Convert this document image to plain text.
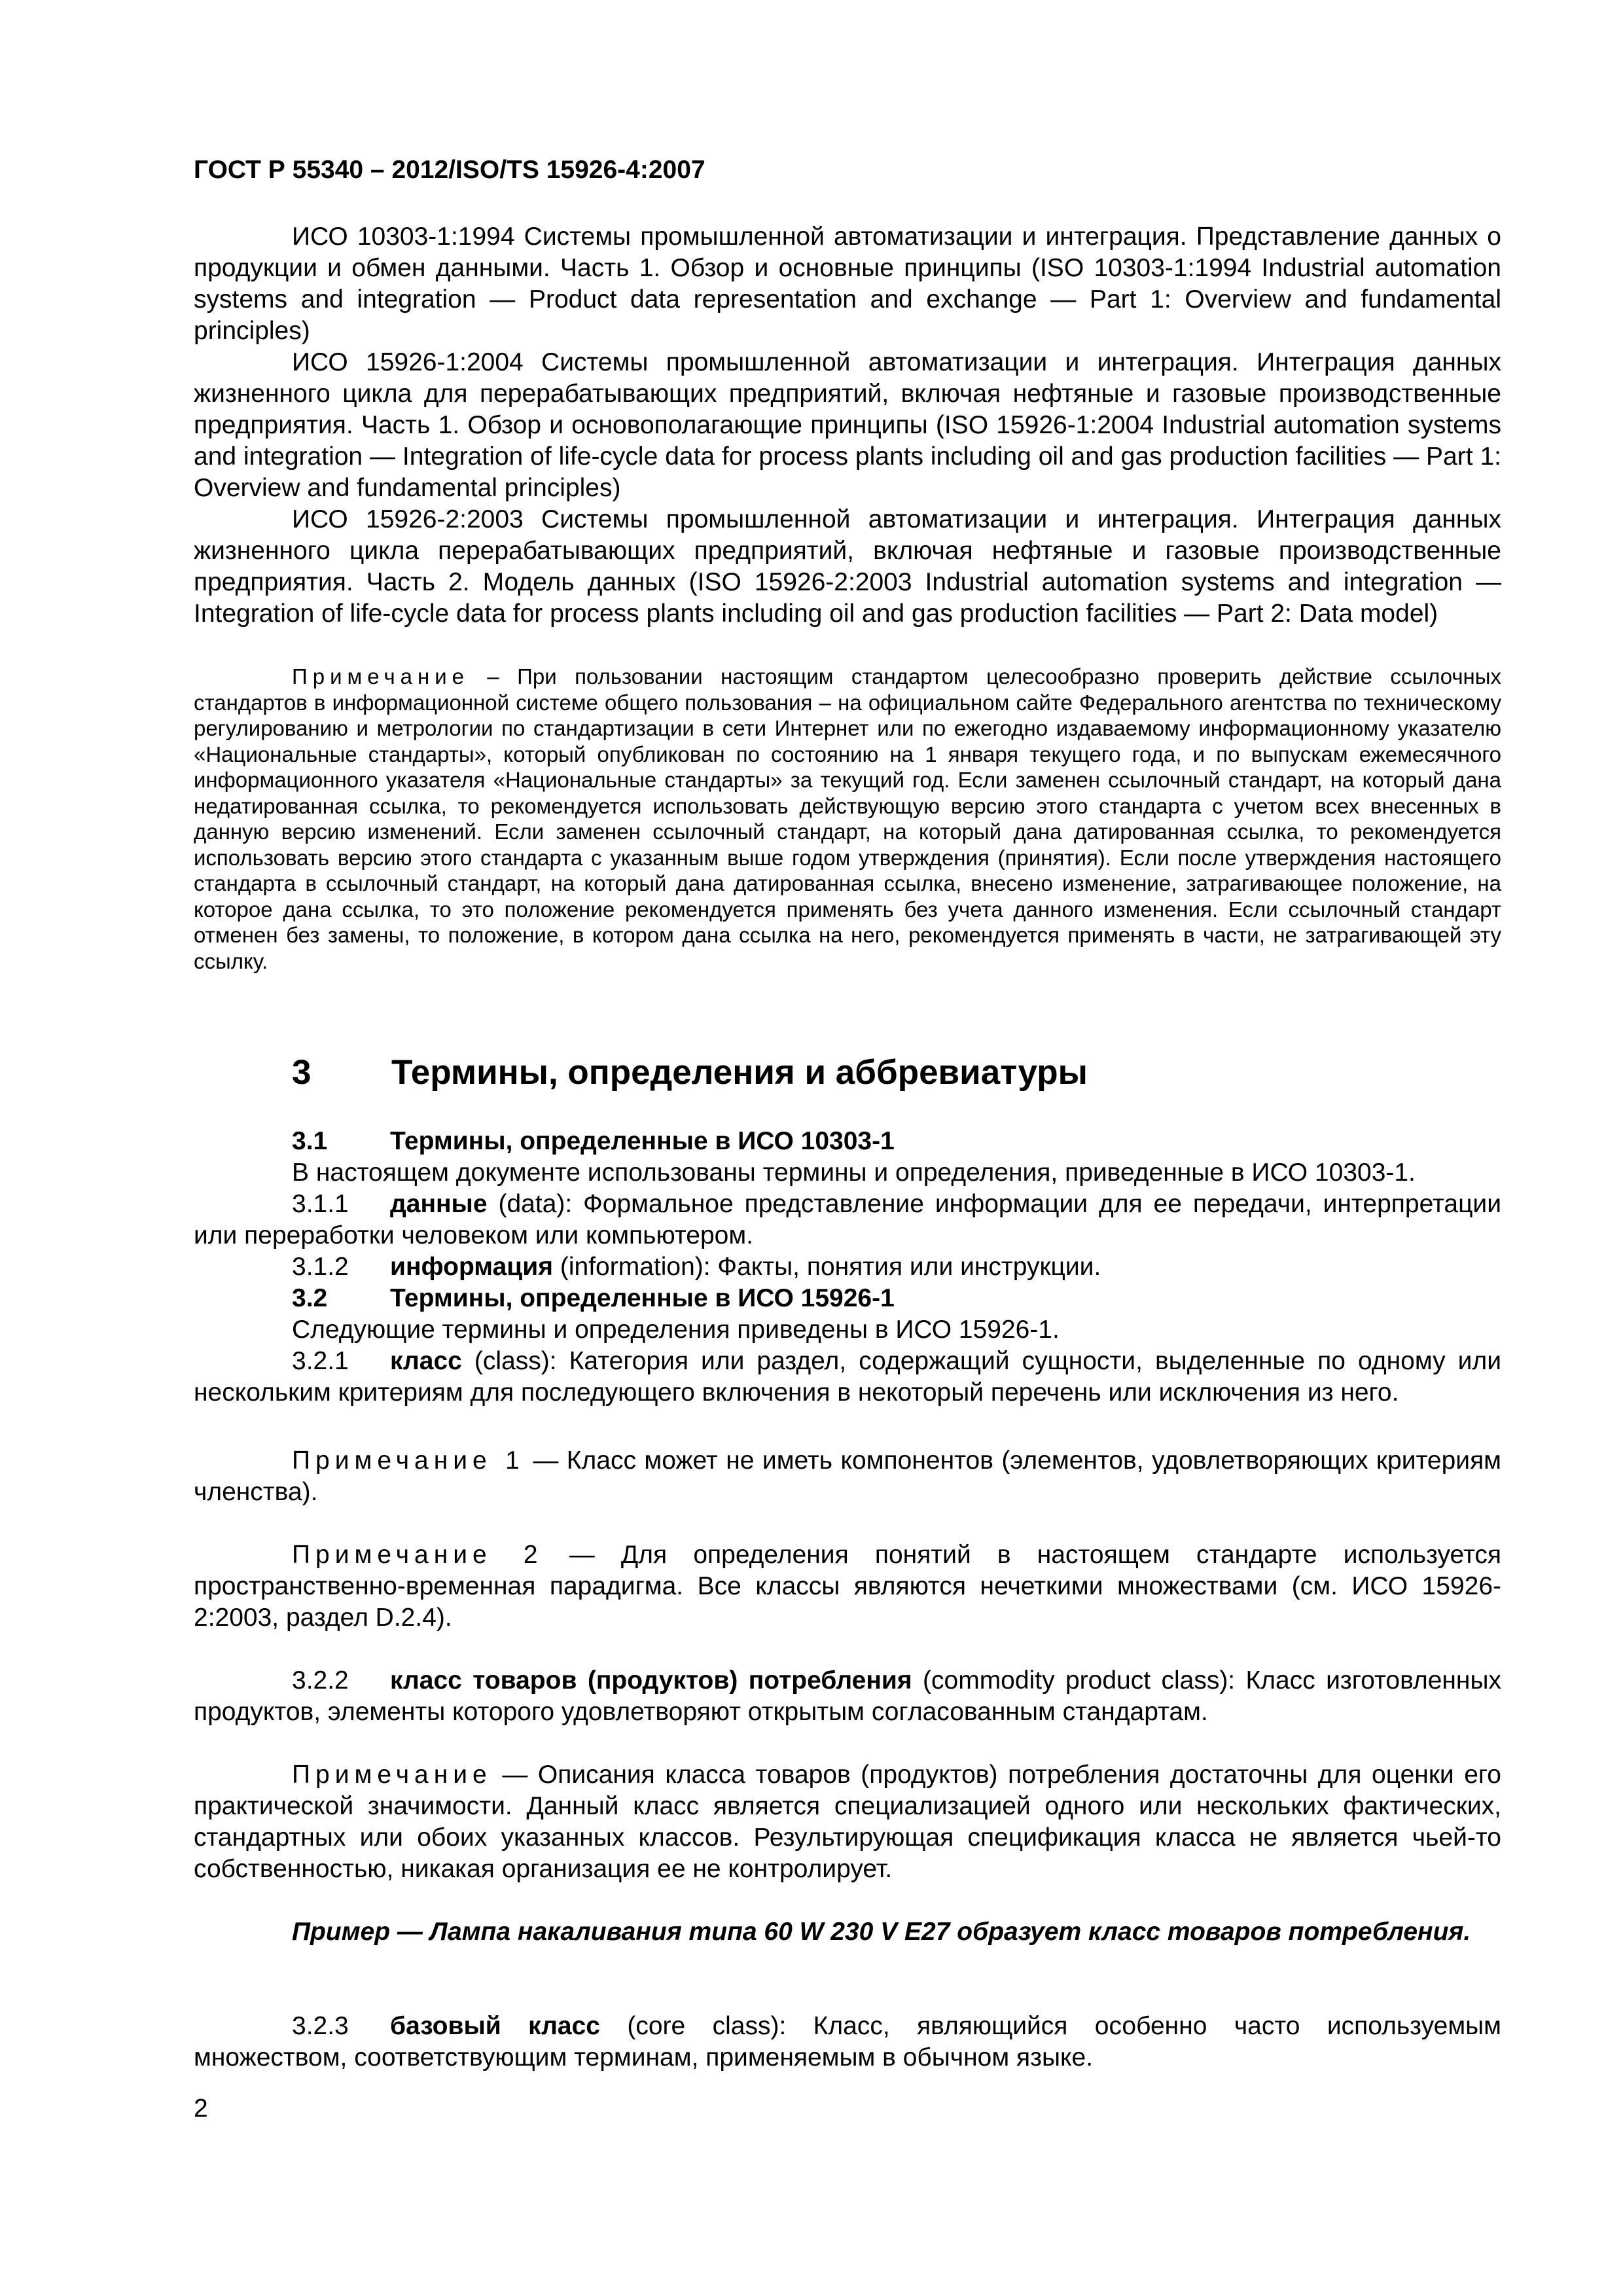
ГОСТ Р 55340 – 2012/ISO/TS 15926-4:2007

ИСО 10303-1:1994 Системы промышленной автоматизации и интеграция. Представление данных о продукции и обмен данными. Часть 1. Обзор и основные принципы (ISO 10303-1:1994 Industrial automation systems and integration — Product data representation and exchange — Part 1: Overview and fundamental principles)

ИСО 15926-1:2004 Системы промышленной автоматизации и интеграция. Интеграция данных жизненного цикла для перерабатывающих предприятий, включая нефтяные и газовые производственные предприятия. Часть 1. Обзор и основополагающие принципы (ISO 15926-1:2004 Industrial automation systems and integration — Integration of life-cycle data for process plants including oil and gas production facilities — Part 1: Overview and fundamental principles)

ИСО 15926-2:2003 Системы промышленной автоматизации и интеграция. Интеграция данных жизненного цикла перерабатывающих предприятий, включая нефтяные и газовые производственные предприятия. Часть 2. Модель данных (ISO 15926-2:2003 Industrial automation systems and integration — Integration of life-cycle data for process plants including oil and gas production facilities — Part 2: Data model)

Примечание – При пользовании настоящим стандартом целесообразно проверить действие ссылочных стандартов в информационной системе общего пользования – на официальном сайте Федерального агентства по техническому регулированию и метрологии по стандартизации в сети Интернет или по ежегодно издаваемому информационному указателю «Национальные стандарты», который опубликован по состоянию на 1 января текущего года, и по выпускам ежемесячного информационного указателя «Национальные стандарты» за текущий год. Если заменен ссылочный стандарт, на который дана недатированная ссылка, то рекомендуется использовать действующую версию этого стандарта с учетом всех внесенных в данную версию изменений. Если заменен ссылочный стандарт, на который дана датированная ссылка, то рекомендуется использовать версию этого стандарта с указанным выше годом утверждения (принятия). Если после утверждения настоящего стандарта в ссылочный стандарт, на который дана датированная ссылка, внесено изменение, затрагивающее положение, на которое дана ссылка, то это положение рекомендуется применять без учета данного изменения. Если ссылочный стандарт отменен без замены, то положение, в котором дана ссылка на него, рекомендуется применять в части, не затрагивающей эту ссылку.

3 Термины, определения и аббревиатуры
3.1 Термины, определенные в ИСО 10303-1

В настоящем документе использованы термины и определения, приведенные в ИСО 10303-1.

3.1.1 данные (data): Формальное представление информации для ее передачи, интерпретации или переработки человеком или компьютером.

3.1.2 информация (information): Факты, понятия или инструкции.

3.2 Термины, определенные в ИСО 15926-1

Следующие термины и определения приведены в ИСО 15926-1.

3.2.1 класс (class): Категория или раздел, содержащий сущности, выделенные по одному или нескольким критериям для последующего включения в некоторый перечень или исключения из него.

Примечание 1 — Класс может не иметь компонентов (элементов, удовлетворяющих критериям членства).

Примечание 2 — Для определения понятий в настоящем стандарте используется пространственно-временная парадигма. Все классы являются нечеткими множествами (см. ИСО 15926-2:2003, раздел D.2.4).

3.2.2 класс товаров (продуктов) потребления (commodity product class): Класс изготовленных продуктов, элементы которого удовлетворяют открытым согласованным стандартам.

Примечание — Описания класса товаров (продуктов) потребления достаточны для оценки его практической значимости. Данный класс является специализацией одного или нескольких фактических, стандартных или обоих указанных классов. Результирующая спецификация класса не является чьей-то собственностью, никакая организация ее не контролирует.

Пример — Лампа накаливания типа 60 W 230 V E27 образует класс товаров потребления.

3.2.3 базовый класс (core class): Класс, являющийся особенно часто используемым множеством, соответствующим терминам, применяемым в обычном языке.

2
